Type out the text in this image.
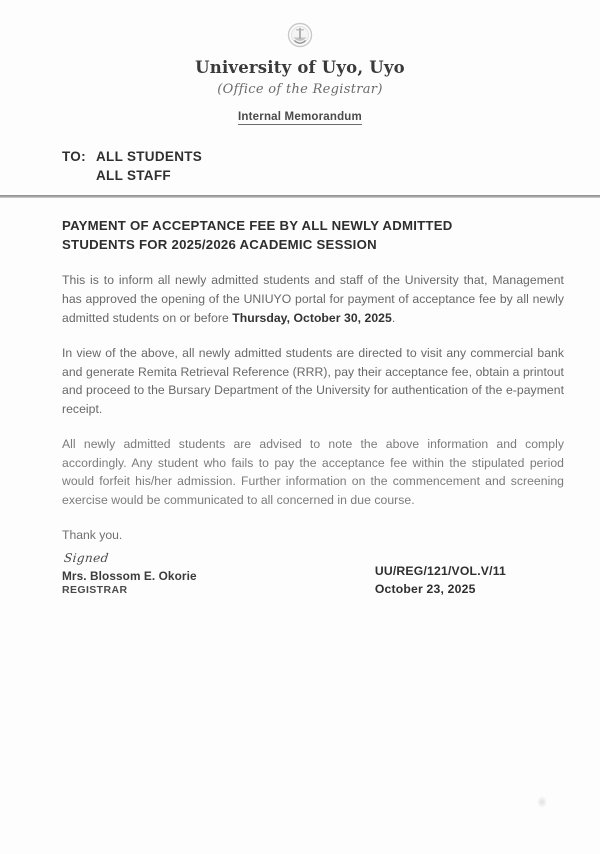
University of Uyo, Uyo
(Office of the Registrar)
Internal Memorandum
TO: ALL STUDENTS
ALL STAFF
PAYMENT OF ACCEPTANCE FEE BY ALL NEWLY ADMITTED
STUDENTS FOR 2025/2026 ACADEMIC SESSION

This is to inform all newly admitted students and staff of the University that, Management has approved the opening of the UNIUYO portal for payment of acceptance fee by all newly admitted students on or before Thursday, October 30, 2025.

In view of the above, all newly admitted students are directed to visit any commercial bank and generate Remita Retrieval Reference (RRR), pay their acceptance fee, obtain a printout and proceed to the Bursary Department of the University for authentication of the e-payment receipt.

All newly admitted students are advised to note the above information and comply accordingly. Any student who fails to pay the acceptance fee within the stipulated period would forfeit his/her admission. Further information on the commencement and screening exercise would be communicated to all concerned in due course.

Thank you.

Signed
Mrs. Blossom E. Okorie
REGISTRAR
UU/REG/121/VOL.V/11
October 23, 2025
